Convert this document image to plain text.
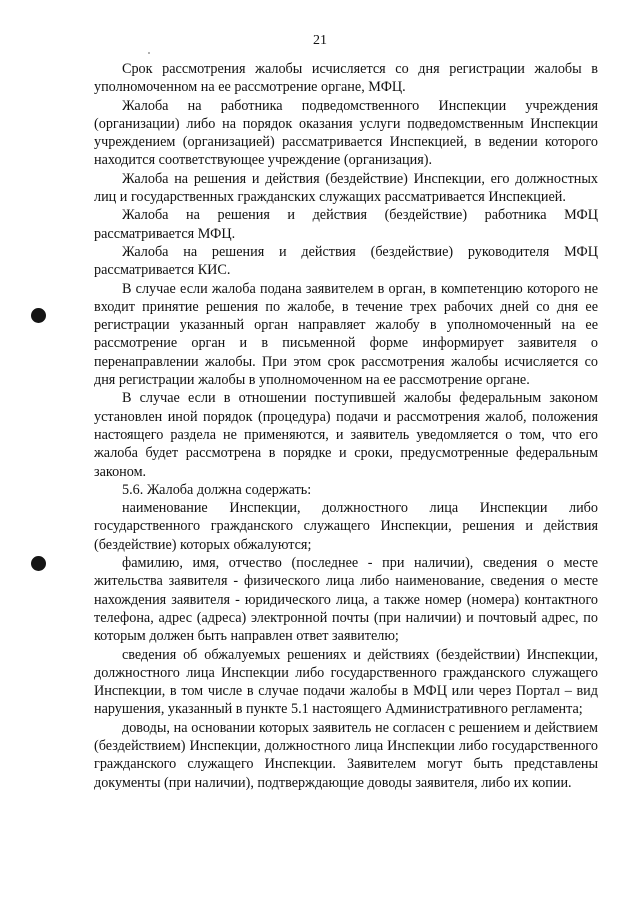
21

Срок рассмотрения жалобы исчисляется со дня регистрации жалобы в уполномоченном на ее рассмотрение органе, МФЦ.

Жалоба на работника подведомственного Инспекции учреждения (организации) либо на порядок оказания услуги подведомственным Инспекции учреждением (организацией) рассматривается Инспекцией, в ведении которого находится соответствующее учреждение (организация).

Жалоба на решения и действия (бездействие) Инспекции, его должностных лиц и государственных гражданских служащих рассматривается Инспекцией.

Жалоба на решения и действия (бездействие) работника МФЦ рассматривается МФЦ.

Жалоба на решения и действия (бездействие) руководителя МФЦ рассматривается КИС.

В случае если жалоба подана заявителем в орган, в компетенцию которого не входит принятие решения по жалобе, в течение трех рабочих дней со дня ее регистрации указанный орган направляет жалобу в уполномоченный на ее рассмотрение орган и в письменной форме информирует заявителя о перенаправлении жалобы. При этом срок рассмотрения жалобы исчисляется со дня регистрации жалобы в уполномоченном на ее рассмотрение органе.

В случае если в отношении поступившей жалобы федеральным законом установлен иной порядок (процедура) подачи и рассмотрения жалоб, положения настоящего раздела не применяются, и заявитель уведомляется о том, что его жалоба будет рассмотрена в порядке и сроки, предусмотренные федеральным законом.

5.6. Жалоба должна содержать:

наименование Инспекции, должностного лица Инспекции либо государственного гражданского служащего Инспекции, решения и действия (бездействие) которых обжалуются;

фамилию, имя, отчество (последнее - при наличии), сведения о месте жительства заявителя - физического лица либо наименование, сведения о месте нахождения заявителя - юридического лица, а также номер (номера) контактного телефона, адрес (адреса) электронной почты (при наличии) и почтовый адрес, по которым должен быть направлен ответ заявителю;

сведения об обжалуемых решениях и действиях (бездействии) Инспекции, должностного лица Инспекции либо государственного гражданского служащего Инспекции, в том числе в случае подачи жалобы в МФЦ или через Портал – вид нарушения, указанный в пункте 5.1 настоящего Административного регламента;

доводы, на основании которых заявитель не согласен с решением и действием (бездействием) Инспекции, должностного лица Инспекции либо государственного гражданского служащего Инспекции. Заявителем могут быть представлены документы (при наличии), подтверждающие доводы заявителя, либо их копии.
